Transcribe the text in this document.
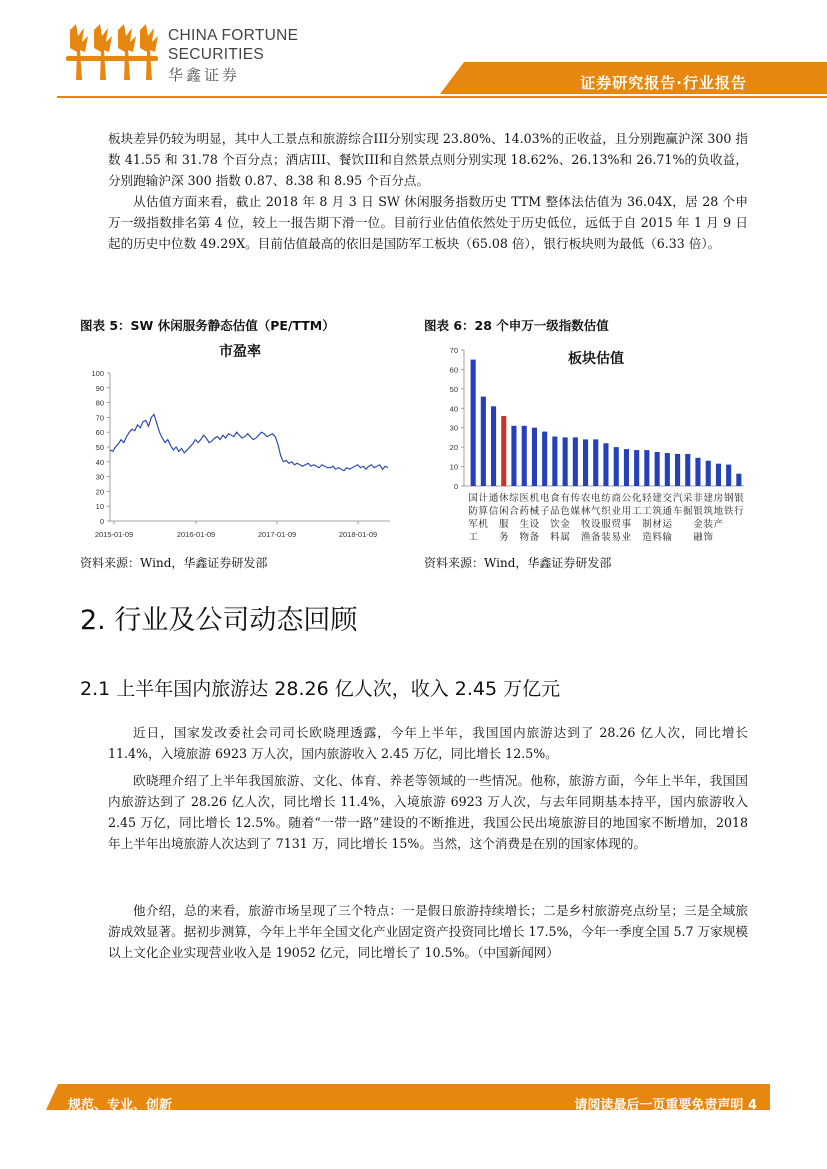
CHINA FORTUNE
SECURITIES
华鑫证券	证券研究报告·行业报告
板块差异仍较为明显，其中人工景点和旅游综合III分别实现 23.80%、14.03%的正收益，且分别跑赢沪深 300 指数 41.55 和 31.78 个百分点；酒店III、餐饮III和自然景点则分别实现 18.62%、26.13%和 26.71%的负收益，分别跑输沪深 300 指数 0.87、8.38 和 8.95 个百分点。
从估值方面来看，截止 2018 年 8 月 3 日 SW 休闲服务指数历史 TTM 整体法估值为 36.04X，居 28 个申万一级指数排名第 4 位，较上一报告期下滑一位。目前行业估值依然处于历史低位，远低于自 2015 年 1 月 9 日起的历史中位数 49.29X。目前估值最高的依旧是国防军工板块（65.08 倍），银行板块则为最低（6.33 倍）。
图表 5：SW 休闲服务静态估值（PE/TTM）	图表 6：28 个申万一级指数估值
市盈率
0
10
20
30
40
50
60
70
80
90
100
2015-01-09	2016-01-09	2017-01-09	2018-01-09
板块估值
0
10
20
30
40
50
60
70
国
防
军
工
计
算
机
通
信
休
闲
服
务
综
合
医
药
生
物
机
械
设
备
电
子
食
品
饮
料
有
色
金
属
传
媒
农
林
牧
渔
电
气
设
备
纺
织
服
装
商
业
贸
易
公
用
事
业
化
工
轻
工
制
造
建
筑
材
料
交
通
运
输
汽
车
采
掘
非
银
金
融
建
筑
装
饰
房
地
产
钢
铁
银
行
资料来源：Wind，华鑫证券研发部	资料来源：Wind，华鑫证券研发部
2. 行业及公司动态回顾
2.1 上半年国内旅游达 28.26 亿人次，收入 2.45 万亿元
近日，国家发改委社会司司长欧晓理透露，今年上半年，我国国内旅游达到了 28.26 亿人次，同比增长 11.4%，入境旅游 6923 万人次，国内旅游收入 2.45 万亿，同比增长 12.5%。
欧晓理介绍了上半年我国旅游、文化、体育、养老等领域的一些情况。他称，旅游方面，今年上半年，我国国内旅游达到了 28.26 亿人次，同比增长 11.4%，入境旅游 6923 万人次，与去年同期基本持平，国内旅游收入 2.45 万亿，同比增长 12.5%。随着“一带一路”建设的不断推进，我国公民出境旅游目的地国家不断增加，2018 年上半年出境旅游人次达到了 7131 万，同比增长 15%。当然，这个消费是在别的国家体现的。
他介绍，总的来看，旅游市场呈现了三个特点：一是假日旅游持续增长；二是乡村旅游亮点纷呈；三是全域旅游成效显著。据初步测算，今年上半年全国文化产业固定资产投资同比增长 17.5%，今年一季度全国 5.7 万家规模以上文化企业实现营业收入是 19052 亿元，同比增长了 10.5%。（中国新闻网）
规范、专业、创新	请阅读最后一页重要免责声明 4
